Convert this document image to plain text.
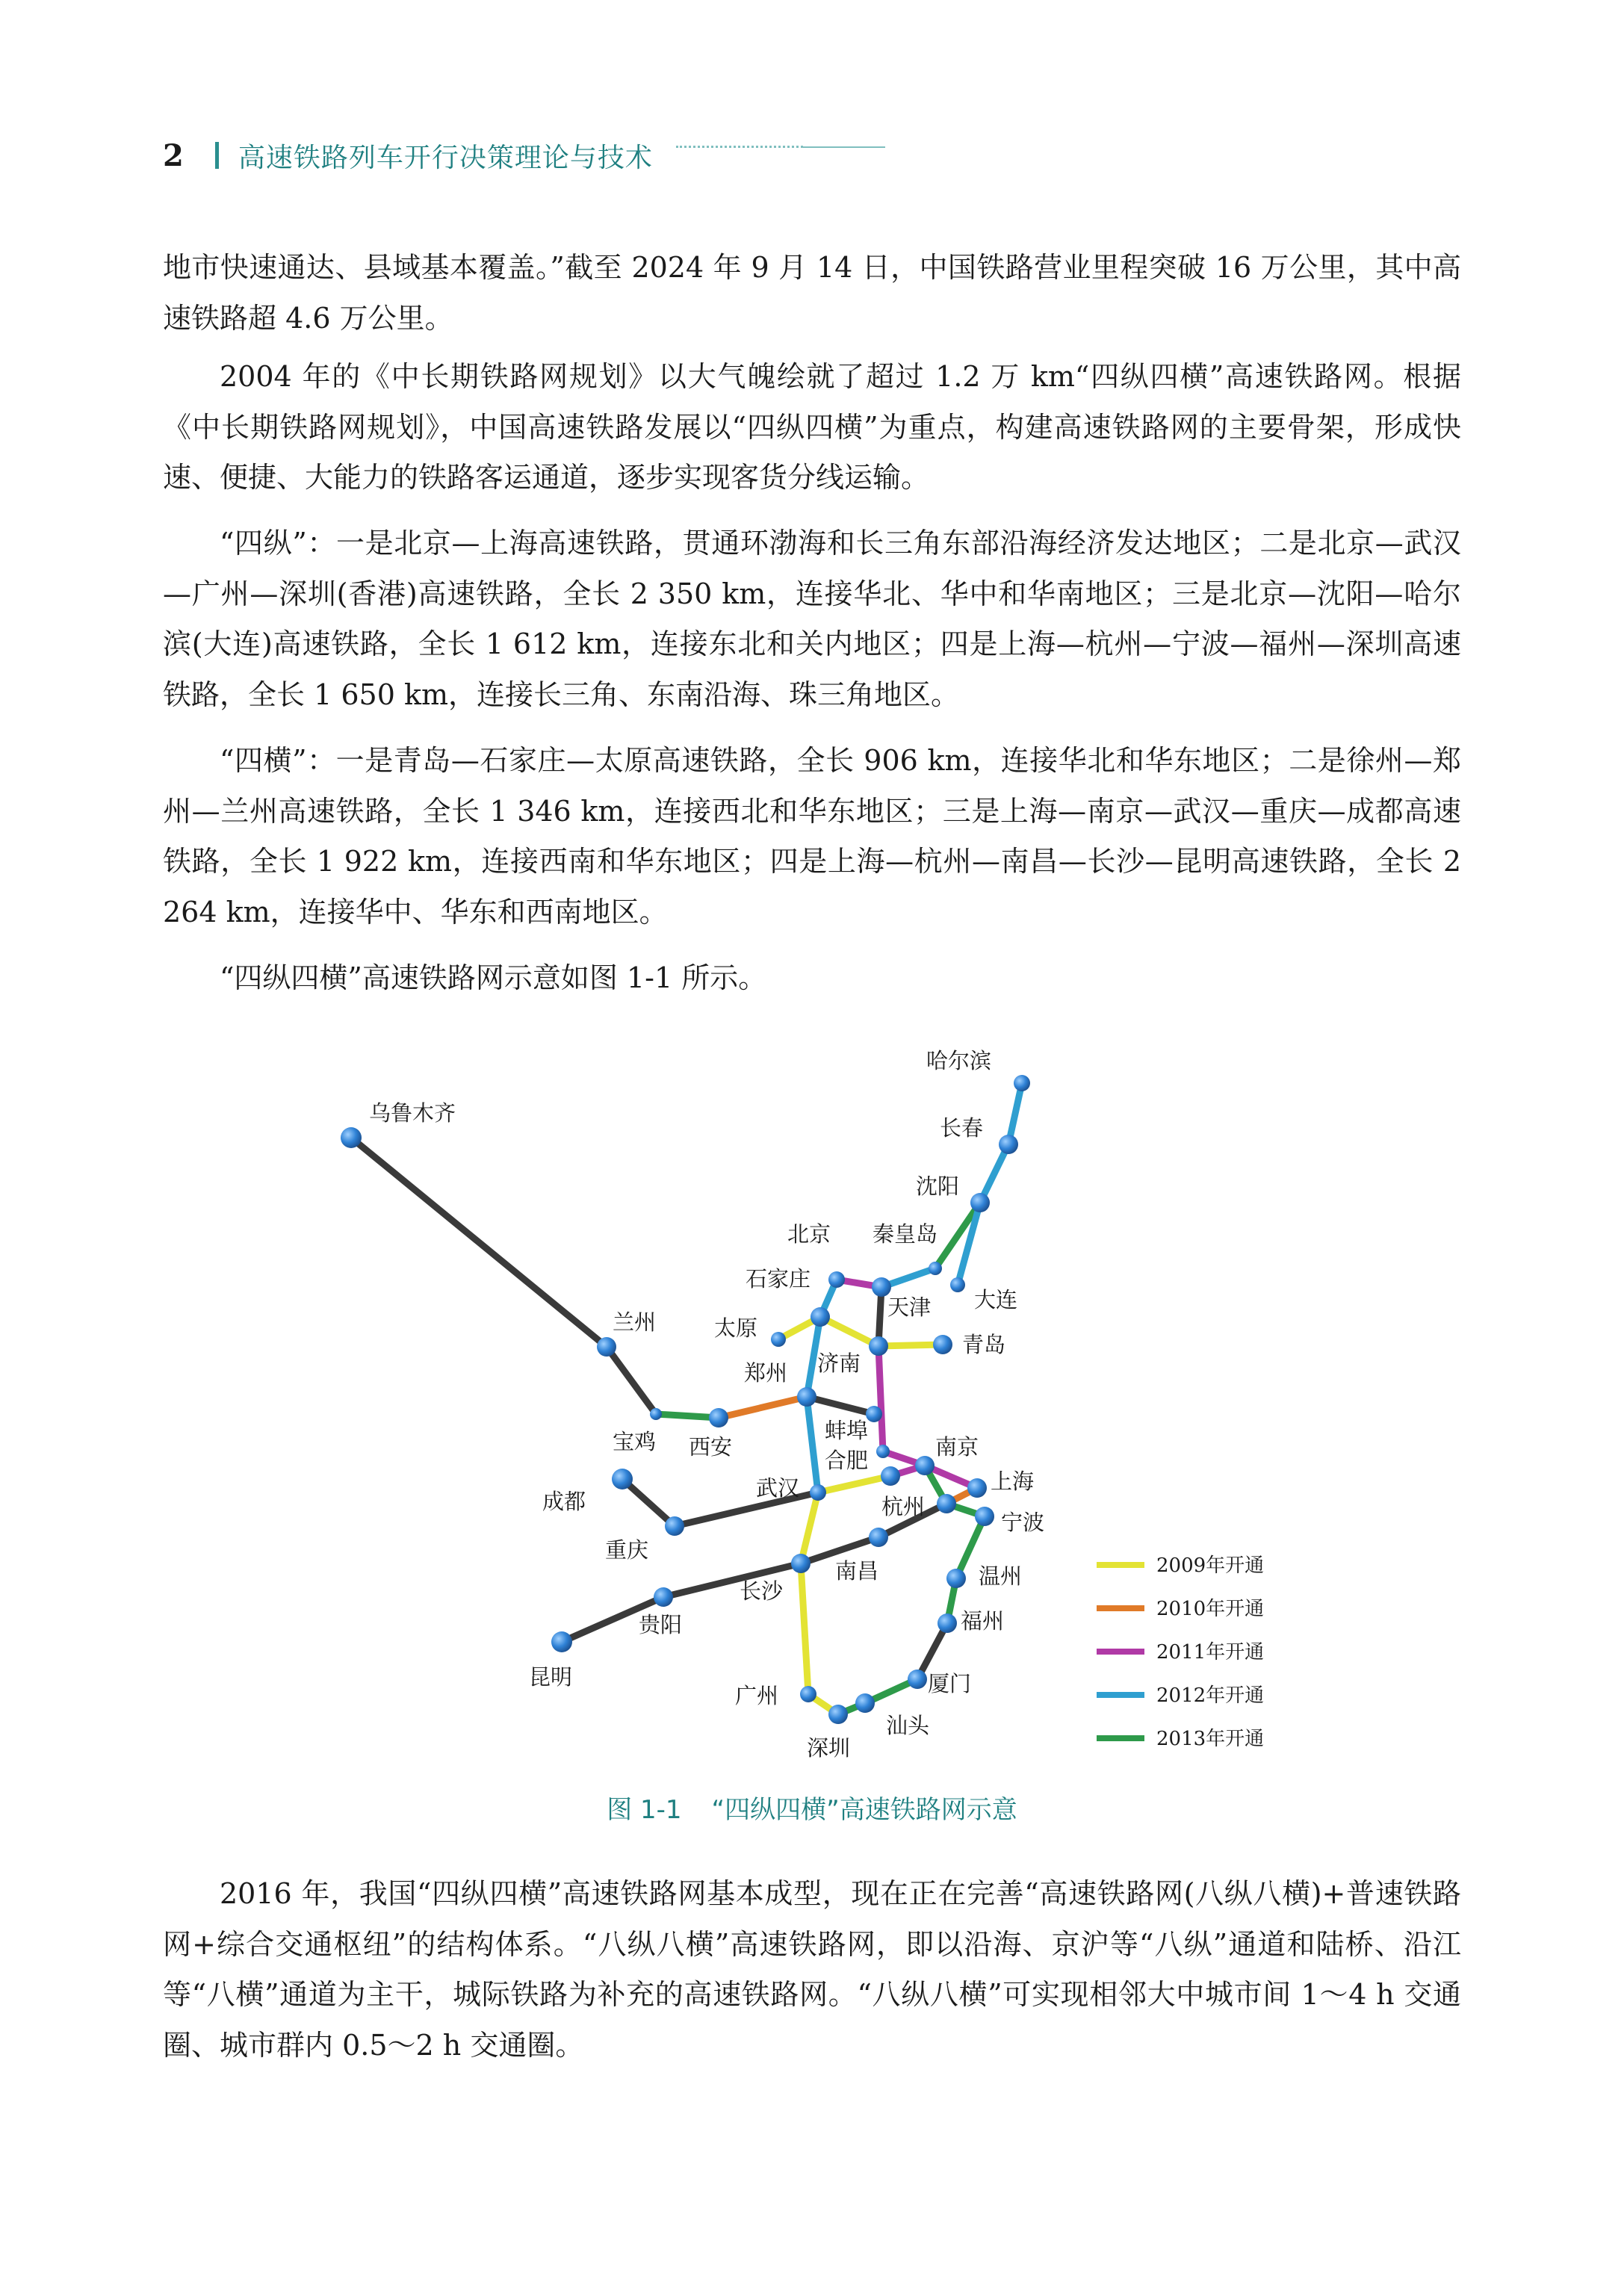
2 高速铁路列车开行决策理论与技术

地市快速通达、县域基本覆盖。”截至 2024 年 9 月 14 日，中国铁路营业里程突破 16 万公里，其中高速铁路超 4.6 万公里。

2004 年的《中长期铁路网规划》以大气魄绘就了超过 1.2 万 km“四纵四横”高速铁路网。根据《中长期铁路网规划》，中国高速铁路发展以“四纵四横”为重点，构建高速铁路网的主要骨架，形成快速、便捷、大能力的铁路客运通道，逐步实现客货分线运输。

“四纵”：一是北京—上海高速铁路，贯通环渤海和长三角东部沿海经济发达地区；二是北京—武汉—广州—深圳(香港)高速铁路，全长 2 350 km，连接华北、华中和华南地区；三是北京—沈阳—哈尔滨(大连)高速铁路，全长 1 612 km，连接东北和关内地区；四是上海—杭州—宁波—福州—深圳高速铁路，全长 1 650 km，连接长三角、东南沿海、珠三角地区。

“四横”：一是青岛—石家庄—太原高速铁路，全长 906 km，连接华北和华东地区；二是徐州—郑州—兰州高速铁路，全长 1 346 km，连接西北和华东地区；三是上海—南京—武汉—重庆—成都高速铁路，全长 1 922 km，连接西南和华东地区；四是上海—杭州—南昌—长沙—昆明高速铁路，全长 2 264 km，连接华中、华东和西南地区。

“四纵四横”高速铁路网示意如图 1-1 所示。

哈尔滨
长春
沈阳
大连
北京 秦皇岛
天津
石家庄
太原
青岛
济南
郑州
乌鲁木齐
兰州
宝鸡 西安
蚌埠
合肥
南京
上海
杭州
宁波
武汉
成都
重庆
南昌	温州
长沙
贵阳
昆明
福州
厦门
广州
汕头
深圳
2009年开通
2010年开通
2011年开通
2012年开通
2013年开通
图 1-1 “四纵四横”高速铁路网示意

2016 年，我国“四纵四横”高速铁路网基本成型，现在正在完善“高速铁路网(八纵八横)+普速铁路网+综合交通枢纽”的结构体系。“八纵八横”高速铁路网，即以沿海、京沪等“八纵”通道和陆桥、沿江等“八横”通道为主干，城际铁路为补充的高速铁路网。“八纵八横”可实现相邻大中城市间 1～4 h 交通圈、城市群内 0.5～2 h 交通圈。
